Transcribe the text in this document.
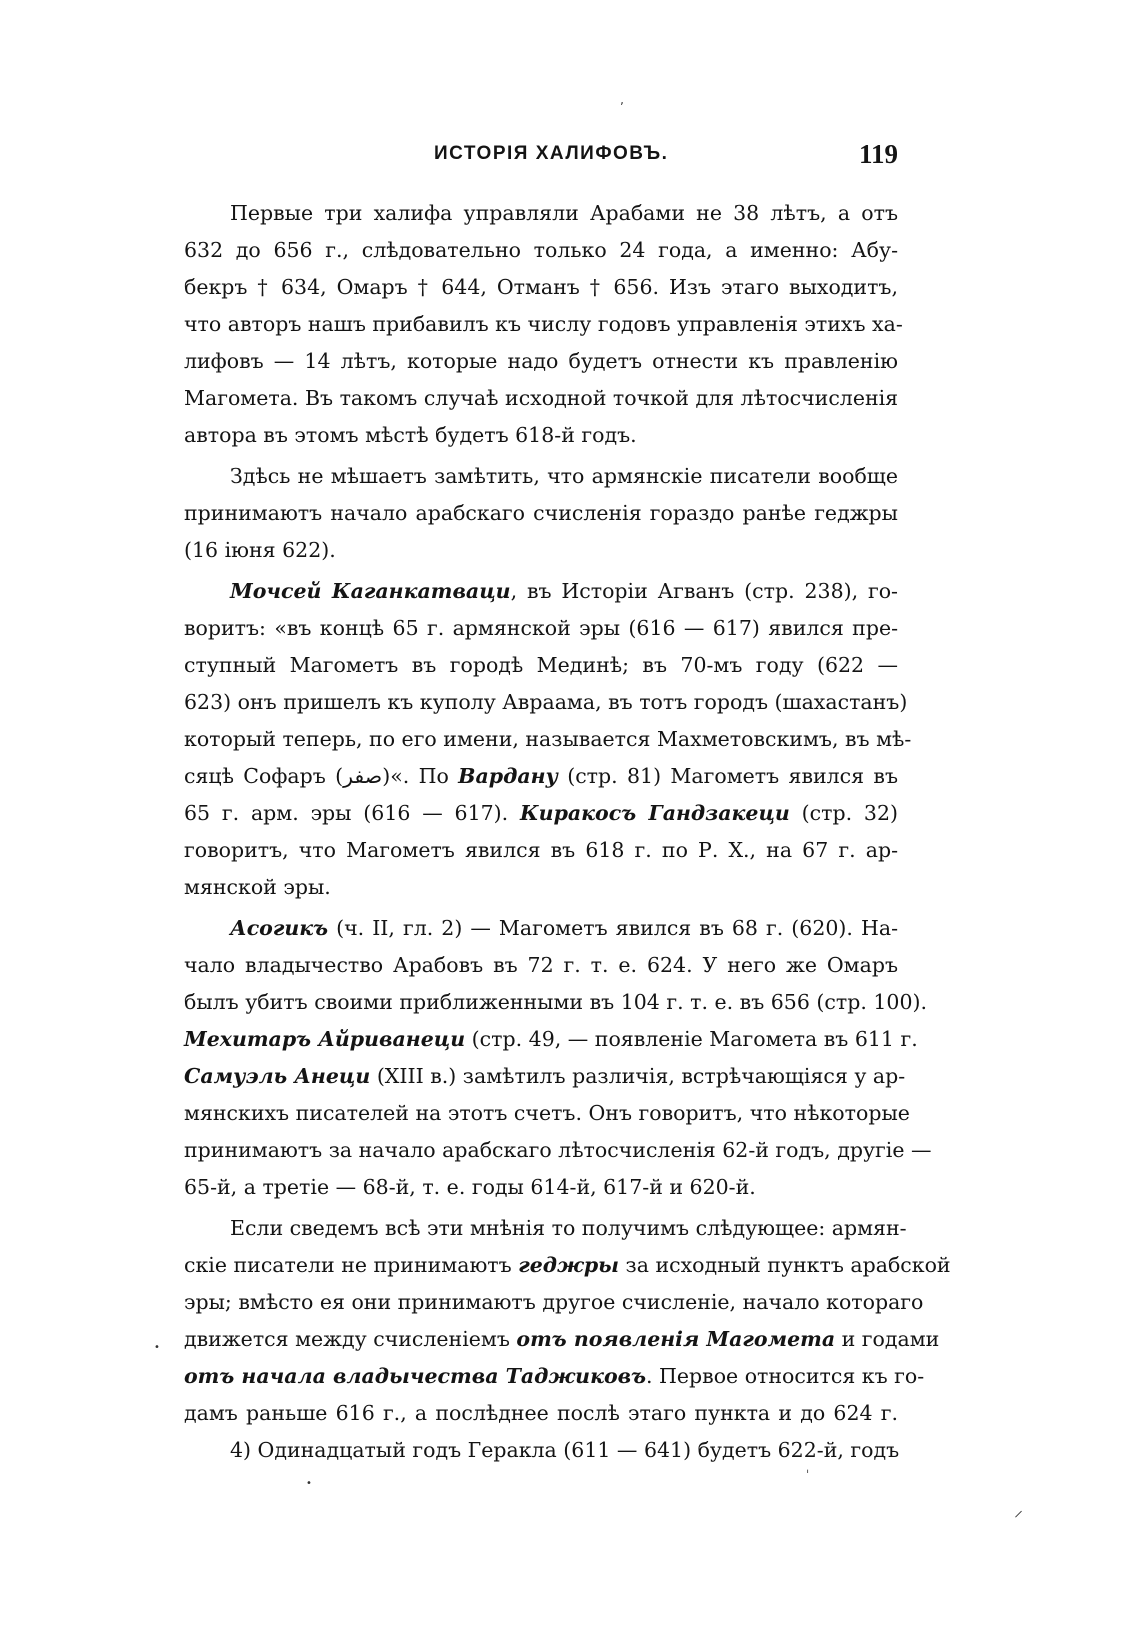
ИСТОРІЯ ХАЛИФОВЪ.	119
Первые три халифа управляли Арабами не 38 лѣтъ, а отъ
632 до 656 г., слѣдовательно только 24 года, а именно: Абу-
бекръ † 634, Омаръ † 644, Отманъ † 656. Изъ этаго выходитъ,
что авторъ нашъ прибавилъ къ числу годовъ управленія этихъ ха-
лифовъ — 14 лѣтъ, которые надо будетъ отнести къ правленію
Магомета. Въ такомъ случаѣ исходной точкой для лѣтосчисленія
автора въ этомъ мѣстѣ будетъ 618-й годъ.
Здѣсь не мѣшаетъ замѣтить, что армянскіе писатели вообще
принимаютъ начало арабскаго счисленія гораздо ранѣе геджры
(16 іюня 622).
Мочсей Каганкатваци, въ Исторіи Агванъ (стр. 238), го-
воритъ: «въ концѣ 65 г. армянской эры (616 — 617) явился пре-
ступный Магометъ въ городѣ Мединѣ; въ 70-мъ году (622 —
623) онъ пришелъ къ куполу Авраама, въ тотъ городъ (шахастанъ)
который теперь, по его имени, называется Махметовскимъ, въ мѣ-
сяцѣ Софаръ (صفر)«. По Вардану (стр. 81) Магометъ явился въ
65 г. арм. эры (616 — 617). Киракосъ Гандзакеци (стр. 32)
говоритъ, что Магометъ явился въ 618 г. по Р. Х., на 67 г. ар-
мянской эры.
Асогикъ (ч. II, гл. 2) — Магометъ явился въ 68 г. (620). На-
чало владычество Арабовъ въ 72 г. т. е. 624. У него же Омаръ
былъ убитъ своими приближенными въ 104 г. т. е. въ 656 (стр. 100).
Мехитаръ Айриванеци (стр. 49, — появленіе Магомета въ 611 г.
Самуэль Анеци (XIII в.) замѣтилъ различія, встрѣчающіяся у ар-
мянскихъ писателей на этотъ счетъ. Онъ говоритъ, что нѣкоторые
принимаютъ за начало арабскаго лѣтосчисленія 62-й годъ, другіе —
65-й, а третіе — 68-й, т. е. годы 614-й, 617-й и 620-й.
Если сведемъ всѣ эти мнѣнія то получимъ слѣдующее: армян-
скіе писатели не принимаютъ геджры за исходный пунктъ арабской
эры; вмѣсто ея они принимаютъ другое счисленіе, начало котораго
движется между счисленіемъ отъ появленія Магомета и годами
отъ начала владычества Таджиковъ. Первое относится къ го-
дамъ раньше 616 г., а послѣднее послѣ этаго пункта и до 624 г.
4) Одинадцатый годъ Геракла (611 — 641) будетъ 622-й, годъ
ʼ
•
•
ˈ
⸝
